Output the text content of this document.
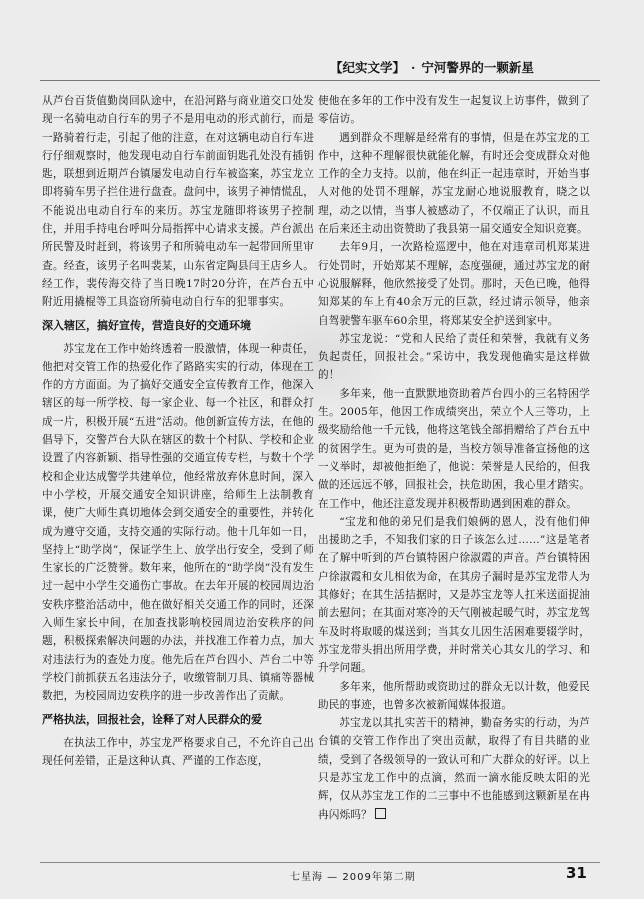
【纪实文学】 · 宁河警界的一颗新星

从芦台百货值勤岗回队途中，在沿河路与商业道交口处发现一名骑电动自行车的男子不是用电动的形式前行，而是一路骑着行走，引起了他的注意，在对这辆电动自行车进行仔细观察时，他发现电动自行车前面钥匙孔处没有插钥匙，联想到近期芦台镇屡发电动自行车被盗案，苏宝龙立即将骑车男子拦住进行盘查。盘问中，该男子神情慌乱，不能说出电动自行车的来历。苏宝龙随即将该男子控制住，并用手持电台呼叫分局指挥中心请求支援。芦台派出所民警及时赶到，将该男子和所骑电动车一起带回所里审查。经查，该男子名叫裴某，山东省定陶县闫王店乡人。经工作，裴传海交待了当日晚17时20分许，在芦台五中附近用撬棍等工具盗窃所骑电动自行车的犯罪事实。

深入辖区，搞好宣传，营造良好的交通环境

苏宝龙在工作中始终透着一股激情，体现一种责任，他把对交管工作的热爱化作了路路实实的行动，体现在工作的方方面面。为了搞好交通安全宣传教育工作，他深入辖区的每一所学校、每一家企业、每一个社区，和群众打成一片，积极开展“五进”活动。他创新宣传方法，在他的倡导下，交警芦台大队在辖区的数十个村队、学校和企业设置了内容新颖、指导性强的交通宣传专栏，与数十个学校和企业达成警学共建单位，他经常放弃休息时间，深入中小学校，开展交通安全知识讲座，给师生上法制教育课，使广大师生真切地体会到交通安全的重要性，并转化成为遵守交通，支持交通的实际行动。他十几年如一日，坚持上“助学岗”，保证学生上、放学出行安全，受到了师生家长的广泛赞誉。数年来，他所在的“助学岗”没有发生过一起中小学生交通伤亡事故。在去年开展的校园周边治安秩序整治活动中，他在做好相关交通工作的同时，还深入师生家长中间，在加查找影响校园周边治安秩序的问题，积极探索解决问题的办法，并找准工作着力点，加大对违法行为的查处力度。他先后在芦台四小、芦台二中等学校门前抓获五名违法分子，收缴管制刀具、镇痛等器械数把，为校园周边安秩序的进一步改善作出了贡献。

严格执法，回报社会，诠释了对人民群众的爱

在执法工作中，苏宝龙严格要求自己，不允许自己出现任何差错，正是这种认真、严谨的工作态度，

使他在多年的工作中没有发生一起复议上访事件，做到了零信访。

遇到群众不理解是经常有的事情，但是在苏宝龙的工作中，这种不理解很快就能化解，有时还会变成群众对他工作的全力支持。以前，他在纠正一起违章时，开始当事人对他的处罚不理解，苏宝龙耐心地说服教育，晓之以理，动之以情，当事人被感动了，不仅端正了认识，而且在后来还主动出资赞助了我县第一届交通安全知识竞赛。

去年9月，一次路检巡逻中，他在对违章司机郑某进行处罚时，开始郑某不理解，态度强硬，通过苏宝龙的耐心说服解释，他欣然接受了处罚。那时，天色已晚，他得知郑某的车上有40余万元的巨款，经过请示领导，他亲自驾驶警车驱车60余里，将郑某安全护送到家中。

苏宝龙说：“党和人民给了责任和荣誉，我就有义务负起责任，回报社会。”采访中，我发现他确实是这样做的！

多年来，他一直默默地资助着芦台四小的三名特困学生。2005年，他因工作成绩突出，荣立个人三等功，上级奖励给他一千元钱，他将这笔钱全部捐赠给了芦台五中的贫困学生。更为可贵的是，当校方领导准备宣扬他的这一义举时，却被他拒绝了，他说：荣誉是人民给的，但我做的还远远不够，回报社会，扶危助困，我心里才踏实。在工作中，他还注意发现并积极帮助遇到困难的群众。

“宝龙和他的弟兄们是我们娘俩的恩人，没有他们伸出援助之手，不知我们家的日子该怎么过……”这是笔者在了解中听到的芦台镇特困户徐淑霞的声音。芦台镇特困户徐淑霞和女儿相依为命，在其房子漏时是苏宝龙带人为其修好；在其生活拮据时，又是苏宝龙等人扛米送面捉油前去慰问；在其面对寒冷的天气刚被起暖气时，苏宝龙驾车及时将取暖的煤送到；当其女儿因生活困难要辍学时，苏宝龙带头捐出所用学费，并时常关心其女儿的学习、和升学问题。

多年来，他所帮助或资助过的群众无以计数，他爱民助民的事迹，也曾多次被新闻媒体报道。

苏宝龙以其扎实苦干的精神，勤奋务实的行动，为芦台镇的交管工作作出了突出贡献，取得了有目共睹的业绩，受到了各级领导的一致认可和广大群众的好评。以上只是苏宝龙工作中的点滴，然而一滴水能反映太阳的光辉，仅从苏宝龙工作的二三事中不也能感到这颗新星在冉冉闪烁吗？

七星海 — 2009年第二期	31
